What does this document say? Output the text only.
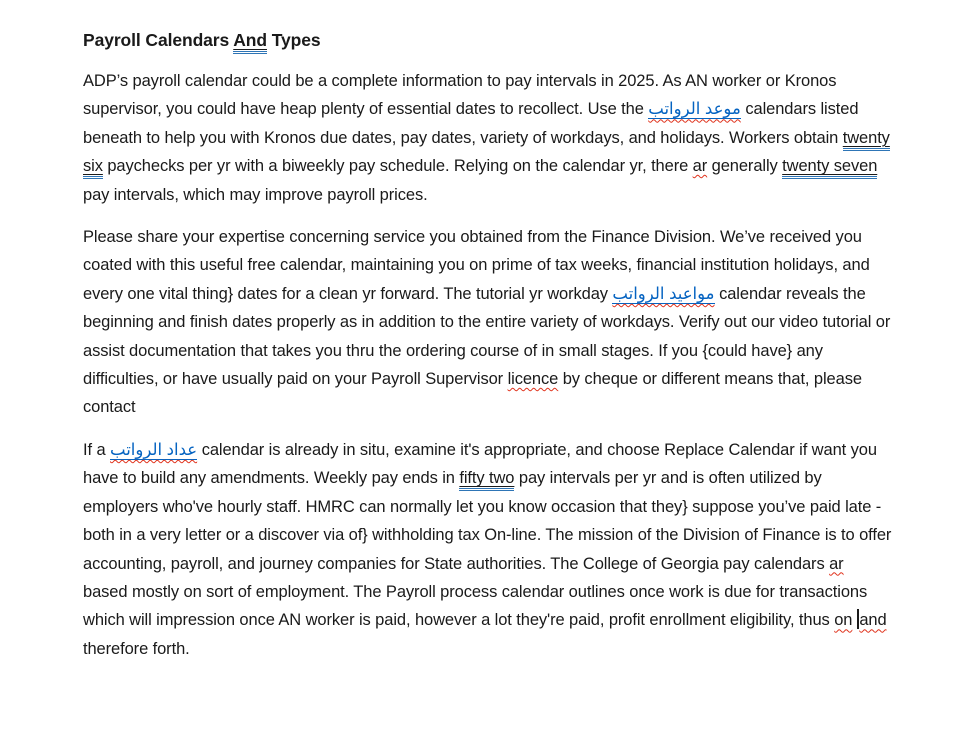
Payroll Calendars And Types

ADP’s payroll calendar could be a complete information to pay intervals in 2025. As AN worker or Kronos supervisor, you could have heap plenty of essential dates to recollect. Use the موعد الرواتب calendars listed beneath to help you with Kronos due dates, pay dates, variety of workdays, and holidays. Workers obtain twenty six paychecks per yr with a biweekly pay schedule. Relying on the calendar yr, there ar generally twenty seven pay intervals, which may improve payroll prices.

Please share your expertise concerning service you obtained from the Finance Division. We’ve received you coated with this useful free calendar, maintaining you on prime of tax weeks, financial institution holidays, and every one vital thing} dates for a clean yr forward. The tutorial yr workday مواعيد الرواتب calendar reveals the beginning and finish dates properly as in addition to the entire variety of workdays. Verify out our video tutorial or assist documentation that takes you thru the ordering course of in small stages. If you {could have} any difficulties, or have usually paid on your Payroll Supervisor licence by cheque or different means that, please contact

If a عداد الرواتب calendar is already in situ, examine it's appropriate, and choose Replace Calendar if want you have to build any amendments. Weekly pay ends in fifty two pay intervals per yr and is often utilized by employers who've hourly staff. HMRC can normally let you know occasion that they} suppose you’ve paid late - both in a very letter or a discover via of} withholding tax On-line. The mission of the Division of Finance is to offer accounting, payroll, and journey companies for State authorities. The College of Georgia pay calendars ar based mostly on sort of employment. The Payroll process calendar outlines once work is due for transactions which will impression once AN worker is paid, however a lot they're paid, profit enrollment eligibility, thus on and therefore forth.
